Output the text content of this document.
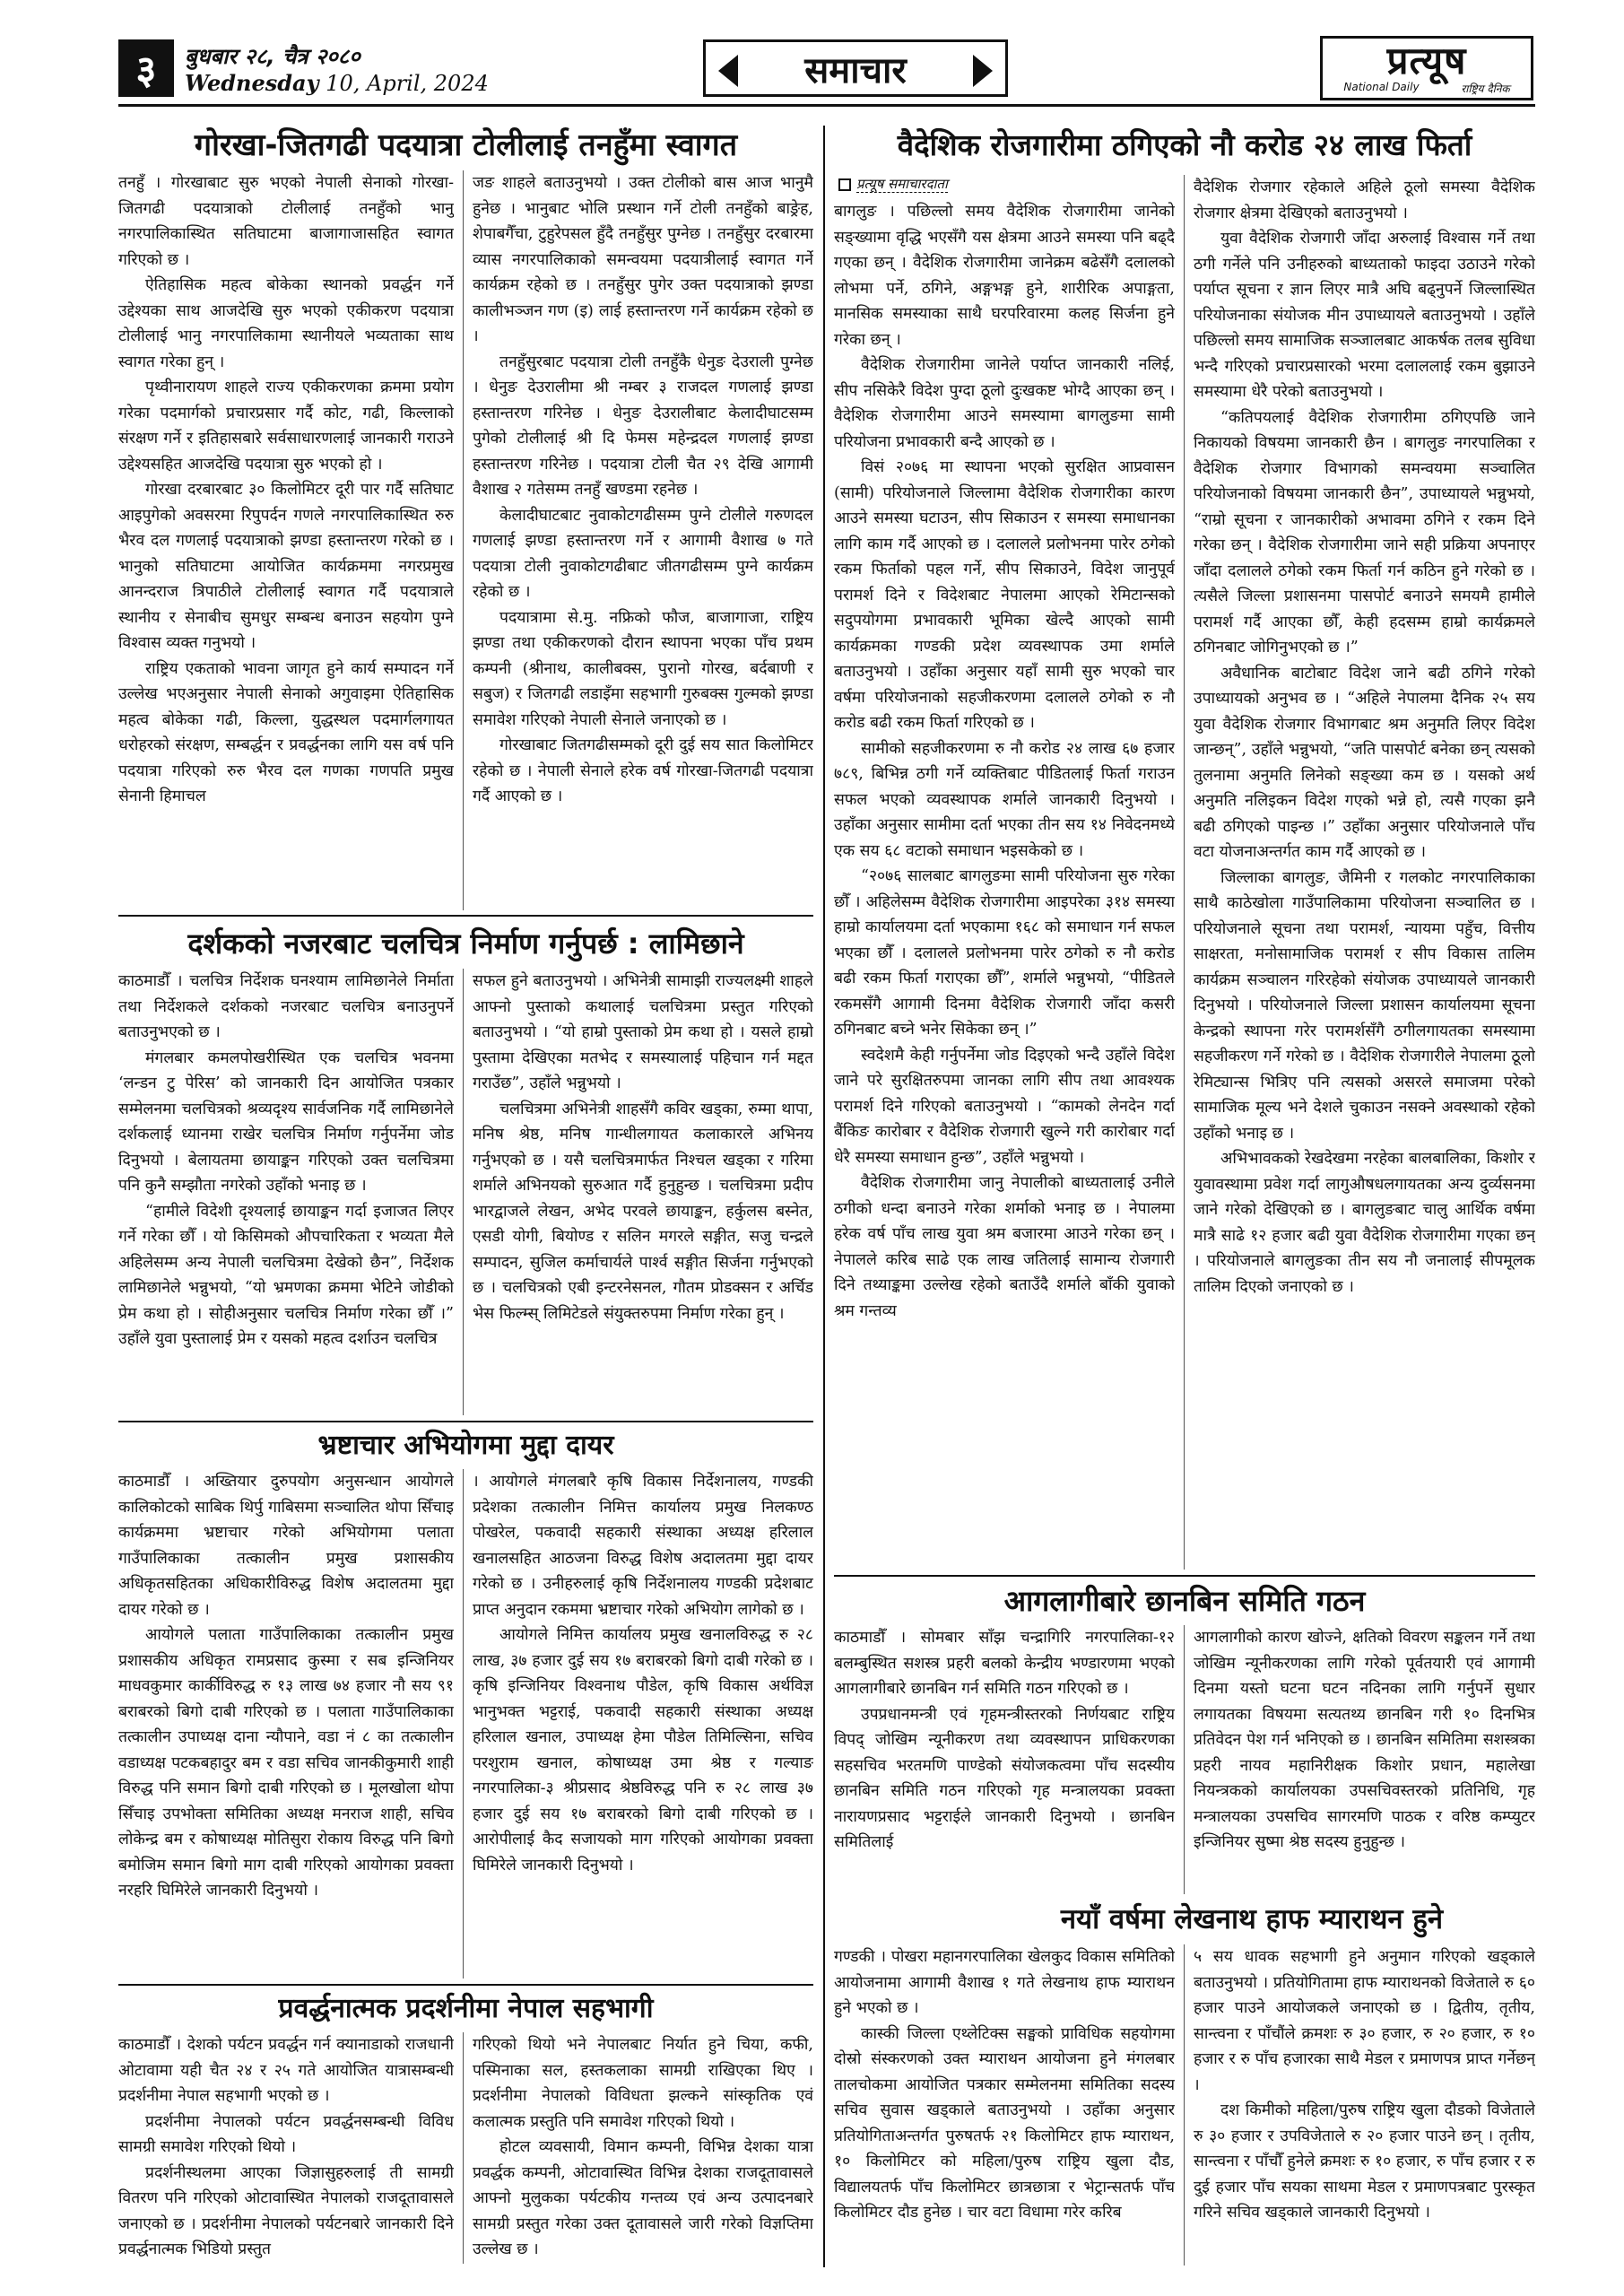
३	बुधबार २८, चैत्र २०८०
Wednesday 10, April, 2024	समाचार	प्रत्यूष
National Daily	राष्ट्रिय दैनिक
गोरखा-जितगढी पदयात्रा टोलीलाई तनहुँमा स्वागत

तनहुँ । गोरखाबाट सुरु भएको नेपाली सेनाको गोरखा-जितगढी पदयात्राको टोलीलाई तनहुँको भानु नगरपालिकास्थित सतिघाटमा बाजागाजासहित स्वागत गरिएको छ ।

ऐतिहासिक महत्व बोकेका स्थानको प्रवर्द्धन गर्ने उद्देश्यका साथ आजदेखि सुरु भएको एकीकरण पदयात्रा टोलीलाई भानु नगरपालिकामा स्थानीयले भव्यताका साथ स्वागत गरेका हुन् ।

पृथ्वीनारायण शाहले राज्य एकीकरणका क्रममा प्रयोग गरेका पदमार्गको प्रचारप्रसार गर्दै कोट, गढी, किल्लाको संरक्षण गर्ने र इतिहासबारे सर्वसाधारणलाई जानकारी गराउने उद्देश्यसहित आजदेखि पदयात्रा सुरु भएको हो ।

गोरखा दरबारबाट ३० किलोमिटर दूरी पार गर्दै सतिघाट आइपुगेको अवसरमा रिपुपर्दन गणले नगरपालिकास्थित रुरु भैरव दल गणलाई पदयात्राको झण्डा हस्तान्तरण गरेको छ । भानुको सतिघाटमा आयोजित कार्यक्रममा नगरप्रमुख आनन्दराज त्रिपाठीले टोलीलाई स्वागत गर्दै पदयात्राले स्थानीय र सेनाबीच सुमधुर सम्बन्ध बनाउन सहयोग पुग्ने विश्वास व्यक्त गनुभयो ।

राष्ट्रिय एकताको भावना जागृत हुने कार्य सम्पादन गर्ने उल्लेख भएअनुसार नेपाली सेनाको अगुवाइमा ऐतिहासिक महत्व बोकेका गढी, किल्ला, युद्धस्थल पदमार्गलगायत धरोहरको संरक्षण, सम्बर्द्धन र प्रवर्द्धनका लागि यस वर्ष पनि पदयात्रा गरिएको रुरु भैरव दल गणका गणपति प्रमुख सेनानी हिमाचल

जङ शाहले बताउनुभयो । उक्त टोलीको बास आज भानुमै हुनेछ । भानुबाट भोलि प्रस्थान गर्ने टोली तनहुँको बाङ्रेह, शेपाबगैँचा, टुहुरेपसल हुँदै तनहुँसुर पुग्नेछ । तनहुँसुर दरबारमा व्यास नगरपालिकाको समन्वयमा पदयात्रीलाई स्वागत गर्ने कार्यक्रम रहेको छ । तनहुँसुर पुगेर उक्त पदयात्राको झण्डा कालीभञ्जन गण (इ) लाई हस्तान्तरण गर्ने कार्यक्रम रहेको छ ।

तनहुँसुरबाट पदयात्रा टोली तनहुँकै धेनुङ देउराली पुग्नेछ । धेनुङ देउरालीमा श्री नम्बर ३ राजदल गणलाई झण्डा हस्तान्तरण गरिनेछ । धेनुङ देउरालीबाट केलादीघाटसम्म पुगेको टोलीलाई श्री दि फेमस महेन्द्रदल गणलाई झण्डा हस्तान्तरण गरिनेछ । पदयात्रा टोली चैत २९ देखि आगामी वैशाख २ गतेसम्म तनहुँ खण्डमा रहनेछ ।

केलादीघाटबाट नुवाकोटगढीसम्म पुग्ने टोलीले गरुणदल गणलाई झण्डा हस्तान्तरण गर्ने र आगामी वैशाख ७ गते पदयात्रा टोली नुवाकोटगढीबाट जीतगढीसम्म पुग्ने कार्यक्रम रहेको छ ।

पदयात्रामा से.मु. नफ्रिको फौज, बाजागाजा, राष्ट्रिय झण्डा तथा एकीकरणको दौरान स्थापना भएका पाँच प्रथम कम्पनी (श्रीनाथ, कालीबक्स, पुरानो गोरख, बर्दबाणी र सबुज) र जितगढी लडाइँमा सहभागी गुरुबक्स गुल्मको झण्डा समावेश गरिएको नेपाली सेनाले जनाएको छ ।

गोरखाबाट जितगढीसम्मको दूरी दुई सय सात किलोमिटर रहेको छ । नेपाली सेनाले हरेक वर्ष गोरखा-जितगढी पदयात्रा गर्दै आएको छ ।

दर्शकको नजरबाट चलचित्र निर्माण गर्नुपर्छ : लामिछाने

काठमाडौँ । चलचित्र निर्देशक घनश्याम लामिछानेले निर्माता तथा निर्देशकले दर्शकको नजरबाट चलचित्र बनाउनुपर्ने बताउनुभएको छ ।

मंगलबार कमलपोखरीस्थित एक चलचित्र भवनमा ‘लन्डन टु पेरिस’ को जानकारी दिन आयोजित पत्रकार सम्मेलनमा चलचित्रको श्रव्यदृश्य सार्वजनिक गर्दै लामिछानेले दर्शकलाई ध्यानमा राखेर चलचित्र निर्माण गर्नुपर्नेमा जोड दिनुभयो । बेलायतमा छायाङ्कन गरिएको उक्त चलचित्रमा पनि कुनै सम्झौता नगरेको उहाँको भनाइ छ ।

“हामीले विदेशी दृश्यलाई छायाङ्कन गर्दा इजाजत लिएर गर्ने गरेका छौँ । यो किसिमको औपचारिकता र भव्यता मैले अहिलेसम्म अन्य नेपाली चलचित्रमा देखेको छैन”, निर्देशक लामिछानेले भन्नुभयो, “यो भ्रमणका क्रममा भेटिने जोडीको प्रेम कथा हो । सोहीअनुसार चलचित्र निर्माण गरेका छौँ ।” उहाँले युवा पुस्तालाई प्रेम र यसको महत्व दर्शाउन चलचित्र

सफल हुने बताउनुभयो । अभिनेत्री सामाझी राज्यलक्ष्मी शाहले आफ्नो पुस्ताको कथालाई चलचित्रमा प्रस्तुत गरिएको बताउनुभयो । “यो हाम्रो पुस्ताको प्रेम कथा हो । यसले हाम्रो पुस्तामा देखिएका मतभेद र समस्यालाई पहिचान गर्न मद्दत गराउँछ”, उहाँले भन्नुभयो ।

चलचित्रमा अभिनेत्री शाहसँगै कविर खड्का, रुम्मा थापा, मनिष श्रेष्ठ, मनिष गान्धीलगायत कलाकारले अभिनय गर्नुभएको छ । यसै चलचित्रमार्फत निश्चल खड्का र गरिमा शर्माले अभिनयको सुरुआत गर्दै हुनुहुन्छ । चलचित्रमा प्रदीप भारद्वाजले लेखन, अभेद परवले छायाङ्कन, हर्कुलस बस्नेत, एसडी योगी, बियोण्ड र सलिन मगरले सङ्गीत, सजु चन्द्रले सम्पादन, सुजिल कर्माचार्यले पार्श्व सङ्गीत सिर्जना गर्नुभएको छ । चलचित्रको एबी इन्टरनेसनल, गौतम प्रोडक्सन र अर्चिड भेस फिल्म्स् लिमिटेडले संयुक्तरुपमा निर्माण गरेका हुन् ।

भ्रष्टाचार अभियोगमा मुद्दा दायर

काठमाडौँ । अख्तियार दुरुपयोग अनुसन्धान आयोगले कालिकोटको साबिक थिर्पु गाबिसमा सञ्चालित थोपा सिँचाइ कार्यक्रममा भ्रष्टाचार गरेको अभियोगमा पलाता गाउँपालिकाका तत्कालीन प्रमुख प्रशासकीय अधिकृतसहितका अधिकारीविरुद्ध विशेष अदालतमा मुद्दा दायर गरेको छ ।

आयोगले पलाता गाउँपालिकाका तत्कालीन प्रमुख प्रशासकीय अधिकृत रामप्रसाद कुस्मा र सब इन्जिनियर माधवकुमार कार्कीविरुद्ध रु १३ लाख ७४ हजार नौ सय ९१ बराबरको बिगो दाबी गरिएको छ । पलाता गाउँपालिकाका तत्कालीन उपाध्यक्ष दाना न्यौपाने, वडा नं ८ का तत्कालीन वडाध्यक्ष पटकबहादुर बम र वडा सचिव जानकीकुमारी शाही विरुद्ध पनि समान बिगो दाबी गरिएको छ । मूलखोला थोपा सिँचाइ उपभोक्ता समितिका अध्यक्ष मनराज शाही, सचिव लोकेन्द्र बम र कोषाध्यक्ष मोतिसुरा रोकाय विरुद्ध पनि बिगो बमोजिम समान बिगो माग दाबी गरिएको आयोगका प्रवक्ता नरहरि घिमिरेले जानकारी दिनुभयो ।

। आयोगले मंगलबारै कृषि विकास निर्देशनालय, गण्डकी प्रदेशका तत्कालीन निमित्त कार्यालय प्रमुख निलकण्ठ पोखरेल, पकवादी सहकारी संस्थाका अध्यक्ष हरिलाल खनालसहित आठजना विरुद्ध विशेष अदालतमा मुद्दा दायर गरेको छ । उनीहरुलाई कृषि निर्देशनालय गण्डकी प्रदेशबाट प्राप्त अनुदान रकममा भ्रष्टाचार गरेको अभियोग लागेको छ ।

आयोगले निमित्त कार्यालय प्रमुख खनालविरुद्ध रु २८ लाख, ३७ हजार दुई सय १७ बराबरको बिगो दाबी गरेको छ । कृषि इन्जिनियर विश्वनाथ पौडेल, कृषि विकास अर्थविज्ञ भानुभक्त भट्टराई, पकवादी सहकारी संस्थाका अध्यक्ष हरिलाल खनाल, उपाध्यक्ष हेमा पौडेल तिमिल्सिना, सचिव परशुराम खनाल, कोषाध्यक्ष उमा श्रेष्ठ र गल्याङ नगरपालिका-३ श्रीप्रसाद श्रेष्ठविरुद्ध पनि रु २८ लाख ३७ हजार दुई सय १७ बराबरको बिगो दाबी गरिएको छ । आरोपीलाई कैद सजायको माग गरिएको आयोगका प्रवक्ता घिमिरेले जानकारी दिनुभयो ।

प्रवर्द्धनात्मक प्रदर्शनीमा नेपाल सहभागी

काठमाडौँ । देशको पर्यटन प्रवर्द्धन गर्न क्यानाडाको राजधानी ओटावामा यही चैत २४ र २५ गते आयोजित यात्रासम्बन्धी प्रदर्शनीमा नेपाल सहभागी भएको छ ।

प्रदर्शनीमा नेपालको पर्यटन प्रवर्द्धनसम्बन्धी विविध सामग्री समावेश गरिएको थियो ।

प्रदर्शनीस्थलमा आएका जिज्ञासुहरुलाई ती सामग्री वितरण पनि गरिएको ओटावास्थित नेपालको राजदूतावासले जनाएको छ । प्रदर्शनीमा नेपालको पर्यटनबारे जानकारी दिने प्रवर्द्धनात्मक भिडियो प्रस्तुत

गरिएको थियो भने नेपालबाट निर्यात हुने चिया, कफी, पस्मिनाका सल, हस्तकलाका सामग्री राखिएका थिए । प्रदर्शनीमा नेपालको विविधता झल्कने सांस्कृतिक एवं कलात्मक प्रस्तुति पनि समावेश गरिएको थियो ।

होटल व्यवसायी, विमान कम्पनी, विभिन्न देशका यात्रा प्रवर्द्धक कम्पनी, ओटावास्थित विभिन्न देशका राजदूतावासले आफ्नो मुलुकका पर्यटकीय गन्तव्य एवं अन्य उत्पादनबारे सामग्री प्रस्तुत गरेका उक्त दूतावासले जारी गरेको विज्ञप्तिमा उल्लेख छ ।

वैदेशिक रोजगारीमा ठगिएको नौ करोड २४ लाख फिर्ता
प्रत्यूष समाचारदाता

बागलुङ । पछिल्लो समय वैदेशिक रोजगारीमा जानेको सङ्ख्यामा वृद्धि भएसँगै यस क्षेत्रमा आउने समस्या पनि बढ्दै गएका छन् । वैदेशिक रोजगारीमा जानेक्रम बढेसँगै दलालको लोभमा पर्ने, ठगिने, अङ्गभङ्ग हुने, शारीरिक अपाङ्गता, मानसिक समस्याका साथै घरपरिवारमा कलह सिर्जना हुने गरेका छन् ।

वैदेशिक रोजगारीमा जानेले पर्याप्त जानकारी नलिई, सीप नसिकेरै विदेश पुग्दा ठूलो दुःखकष्ट भोग्दै आएका छन् । वैदेशिक रोजगारीमा आउने समस्यामा बागलुङमा सामी परियोजना प्रभावकारी बन्दै आएको छ ।

विसं २०७६ मा स्थापना भएको सुरक्षित आप्रवासन (सामी) परियोजनाले जिल्लामा वैदेशिक रोजगारीका कारण आउने समस्या घटाउन, सीप सिकाउन र समस्या समाधानका लागि काम गर्दै आएको छ । दलालले प्रलोभनमा पारेर ठगेको रकम फिर्ताको पहल गर्ने, सीप सिकाउने, विदेश जानुपूर्व परामर्श दिने र विदेशबाट नेपालमा आएको रेमिटान्सको सदुपयोगमा प्रभावकारी भूमिका खेल्दै आएको सामी कार्यक्रमका गण्डकी प्रदेश व्यवस्थापक उमा शर्माले बताउनुभयो । उहाँका अनुसार यहाँ सामी सुरु भएको चार वर्षमा परियोजनाको सहजीकरणमा दलालले ठगेको रु नौ करोड बढी रकम फिर्ता गरिएको छ ।

सामीको सहजीकरणमा रु नौ करोड २४ लाख ६७ हजार ७८९, बिभिन्न ठगी गर्ने व्यक्तिबाट पीडितलाई फिर्ता गराउन सफल भएको व्यवस्थापक शर्माले जानकारी दिनुभयो । उहाँका अनुसार सामीमा दर्ता भएका तीन सय १४ निवेदनमध्ये एक सय ६८ वटाको समाधान भइसकेको छ ।

“२०७६ सालबाट बागलुङमा सामी परियोजना सुरु गरेका छौँ । अहिलेसम्म वैदेशिक रोजगारीमा आइपरेका ३१४ समस्या हाम्रो कार्यालयमा दर्ता भएकामा १६८ को समाधान गर्न सफल भएका छौँ । दलालले प्रलोभनमा पारेर ठगेको रु नौ करोड बढी रकम फिर्ता गराएका छौँ”, शर्माले भन्नुभयो, “पीडितले रकमसँगै आगामी दिनमा वैदेशिक रोजगारी जाँदा कसरी ठगिनबाट बच्ने भनेर सिकेका छन् ।”

स्वदेशमै केही गर्नुपर्नेमा जोड दिइएको भन्दै उहाँले विदेश जाने परे सुरक्षितरुपमा जानका लागि सीप तथा आवश्यक परामर्श दिने गरिएको बताउनुभयो । “कामको लेनदेन गर्दा बैंकिङ कारोबार र वैदेशिक रोजगारी खुल्ने गरी कारोबार गर्दा धेरै समस्या समाधान हुन्छ”, उहाँले भन्नुभयो ।

वैदेशिक रोजगारीमा जानु नेपालीको बाध्यतालाई उनीले ठगीको धन्दा बनाउने गरेका शर्माको भनाइ छ । नेपालमा हरेक वर्ष पाँच लाख युवा श्रम बजारमा आउने गरेका छन् । नेपालले करिब साढे एक लाख जतिलाई सामान्य रोजगारी दिने तथ्याङ्कमा उल्लेख रहेको बताउँदै शर्माले बाँकी युवाको श्रम गन्तव्य

वैदेशिक रोजगार रहेकाले अहिले ठूलो समस्या वैदेशिक रोजगार क्षेत्रमा देखिएको बताउनुभयो ।

युवा वैदेशिक रोजगारी जाँदा अरुलाई विश्वास गर्ने तथा ठगी गर्नेले पनि उनीहरुको बाध्यताको फाइदा उठाउने गरेको पर्याप्त सूचना र ज्ञान लिएर मात्रै अघि बढ्नुपर्ने जिल्लास्थित परियोजनाका संयोजक मीन उपाध्यायले बताउनुभयो । उहाँले पछिल्लो समय सामाजिक सञ्जालबाट आकर्षक तलब सुविधा भन्दै गरिएको प्रचारप्रसारको भरमा दलाललाई रकम बुझाउने समस्यामा धेरै परेको बताउनुभयो ।

“कतिपयलाई वैदेशिक रोजगारीमा ठगिएपछि जाने निकायको विषयमा जानकारी छैन । बागलुङ नगरपालिका र वैदेशिक रोजगार विभागको समन्वयमा सञ्चालित परियोजनाको विषयमा जानकारी छैन”, उपाध्यायले भन्नुभयो, “राम्रो सूचना र जानकारीको अभावमा ठगिने र रकम दिने गरेका छन् । वैदेशिक रोजगारीमा जाने सही प्रक्रिया अपनाएर जाँदा दलालले ठगेको रकम फिर्ता गर्न कठिन हुने गरेको छ । त्यसैले जिल्ला प्रशासनमा पासपोर्ट बनाउने समयमै हामीले परामर्श गर्दै आएका छौँ, केही हदसम्म हाम्रो कार्यक्रमले ठगिनबाट जोगिनुभएको छ ।”

अवैधानिक बाटोबाट विदेश जाने बढी ठगिने गरेको उपाध्यायको अनुभव छ । “अहिले नेपालमा दैनिक २५ सय युवा वैदेशिक रोजगार विभागबाट श्रम अनुमति लिएर विदेश जान्छन्”, उहाँले भन्नुभयो, “जति पासपोर्ट बनेका छन् त्यसको तुलनामा अनुमति लिनेको सङ्ख्या कम छ । यसको अर्थ अनुमति नलिइकन विदेश गएको भन्ने हो, त्यसै गएका झनै बढी ठगिएको पाइन्छ ।” उहाँका अनुसार परियोजनाले पाँच वटा योजनाअन्तर्गत काम गर्दै आएको छ ।

जिल्लाका बागलुङ, जैमिनी र गलकोट नगरपालिकाका साथै काठेखोला गाउँपालिकामा परियोजना सञ्चालित छ । परियोजनाले सूचना तथा परामर्श, न्यायमा पहुँच, वित्तीय साक्षरता, मनोसामाजिक परामर्श र सीप विकास तालिम कार्यक्रम सञ्चालन गरिरहेको संयोजक उपाध्यायले जानकारी दिनुभयो । परियोजनाले जिल्ला प्रशासन कार्यालयमा सूचना केन्द्रको स्थापना गरेर परामर्शसँगै ठगीलगायतका समस्यामा सहजीकरण गर्ने गरेको छ । वैदेशिक रोजगारीले नेपालमा ठूलो रेमिट्यान्स भित्रिए पनि त्यसको असरले समाजमा परेको सामाजिक मूल्य भने देशले चुकाउन नसक्ने अवस्थाको रहेको उहाँको भनाइ छ ।

अभिभावकको रेखदेखमा नरहेका बालबालिका, किशोर र युवावस्थामा प्रवेश गर्दा लागुऔषधलगायतका अन्य दुर्व्यसनमा जाने गरेको देखिएको छ । बागलुङबाट चालु आर्थिक वर्षमा मात्रै साढे १२ हजार बढी युवा वैदेशिक रोजगारीमा गएका छन् । परियोजनाले बागलुङका तीन सय नौ जनालाई सीपमूलक तालिम दिएको जनाएको छ ।

आगलागीबारे छानबिन समिति गठन

काठमाडौँ । सोमबार साँझ चन्द्रागिरि नगरपालिका-१२ बलम्बुस्थित सशस्त्र प्रहरी बलको केन्द्रीय भण्डारणमा भएको आगलागीबारे छानबिन गर्न समिति गठन गरिएको छ ।

उपप्रधानमन्त्री एवं गृहमन्त्रीस्तरको निर्णयबाट राष्ट्रिय विपद् जोखिम न्यूनीकरण तथा व्यवस्थापन प्राधिकरणका सहसचिव भरतमणि पाण्डेको संयोजकत्वमा पाँच सदस्यीय छानबिन समिति गठन गरिएको गृह मन्त्रालयका प्रवक्ता नारायणप्रसाद भट्टराईले जानकारी दिनुभयो । छानबिन समितिलाई

आगलागीको कारण खोज्ने, क्षतिको विवरण सङ्कलन गर्ने तथा जोखिम न्यूनीकरणका लागि गरेको पूर्वतयारी एवं आगामी दिनमा यस्तो घटना घटन नदिनका लागि गर्नुपर्ने सुधार लगायतका विषयमा सत्यतथ्य छानबिन गरी १० दिनभित्र प्रतिवेदन पेश गर्न भनिएको छ । छानबिन समितिमा सशस्त्रका प्रहरी नायव महानिरीक्षक किशोर प्रधान, महालेखा नियन्त्रकको कार्यालयका उपसचिवस्तरको प्रतिनिधि, गृह मन्त्रालयका उपसचिव सागरमणि पाठक र वरिष्ठ कम्प्युटर इन्जिनियर सुष्मा श्रेष्ठ सदस्य हुनुहुन्छ ।

नयाँ वर्षमा लेखनाथ हाफ म्याराथन हुने

गण्डकी । पोखरा महानगरपालिका खेलकुद विकास समितिको आयोजनामा आगामी वैशाख १ गते लेखनाथ हाफ म्याराथन हुने भएको छ ।

कास्की जिल्ला एथ्लेटिक्स सङ्घको प्राविधिक सहयोगमा दोस्रो संस्करणको उक्त म्याराथन आयोजना हुने मंगलबार तालचोकमा आयोजित पत्रकार सम्मेलनमा समितिका सदस्य सचिव सुवास खड्काले बताउनुभयो । उहाँका अनुसार प्रतियोगिताअन्तर्गत पुरुषतर्फ २१ किलोमिटर हाफ म्याराथन, १० किलोमिटर को महिला/पुरुष राष्ट्रिय खुला दौड, विद्यालयतर्फ पाँच किलोमिटर छात्रछात्रा र भेट्रान्सतर्फ पाँच किलोमिटर दौड हुनेछ । चार वटा विधामा गरेर करिब

५ सय धावक सहभागी हुने अनुमान गरिएको खड्काले बताउनुभयो । प्रतियोगितामा हाफ म्याराथनको विजेताले रु ६० हजार पाउने आयोजकले जनाएको छ । द्वितीय, तृतीय, सान्त्वना र पाँचौंले क्रमशः रु ३० हजार, रु २० हजार, रु १० हजार र रु पाँच हजारका साथै मेडल र प्रमाणपत्र प्राप्त गर्नेछन् ।

दश किमीको महिला/पुरुष राष्ट्रिय खुला दौडको विजेताले रु ३० हजार र उपविजेताले रु २० हजार पाउने छन् । तृतीय, सान्त्वना र पाँचौँ हुनेले क्रमशः रु १० हजार, रु पाँच हजार र रु दुई हजार पाँच सयका साथमा मेडल र प्रमाणपत्रबाट पुरस्कृत गरिने सचिव खड्काले जानकारी दिनुभयो ।
